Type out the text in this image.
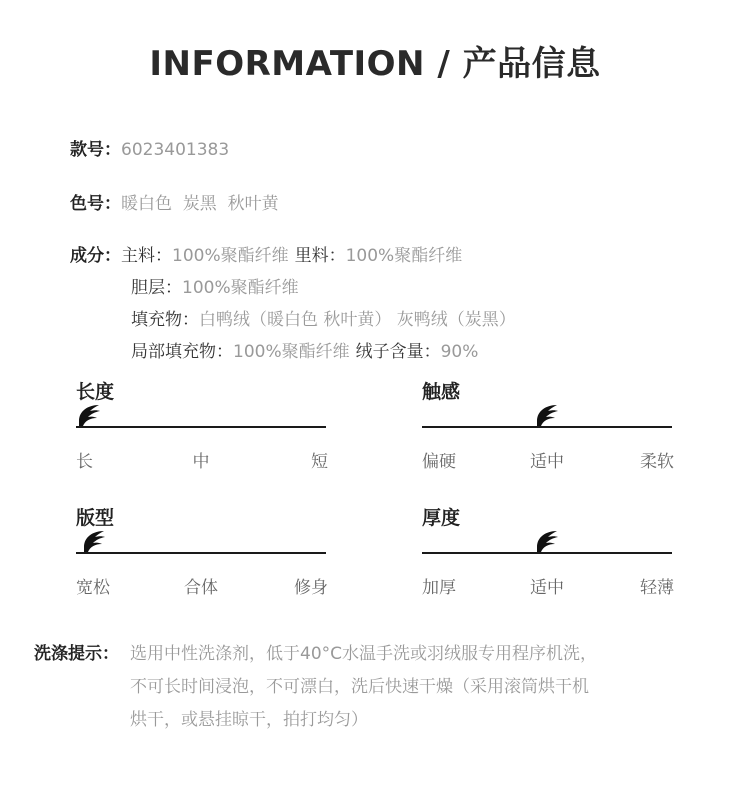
INFORMATION / 产品信息
款号：6023401383
色号：暖白色  炭黑  秋叶黄
成分：主料：100%聚酯纤维 里料：100%聚酯纤维
胆层：100%聚酯纤维
填充物：白鸭绒（暖白色 秋叶黄） 灰鸭绒（炭黑）
局部填充物：100%聚酯纤维 绒子含量：90%
长度
长	中	短
触感
偏硬	适中	柔软
版型
宽松	合体	修身
厚度
加厚	适中	轻薄
洗涤提示： 选用中性洗涤剂，低于40°C水温手洗或羽绒服专用程序机洗，
不可长时间浸泡，不可漂白，洗后快速干燥（采用滚筒烘干机
烘干，或悬挂晾干，拍打均匀）
